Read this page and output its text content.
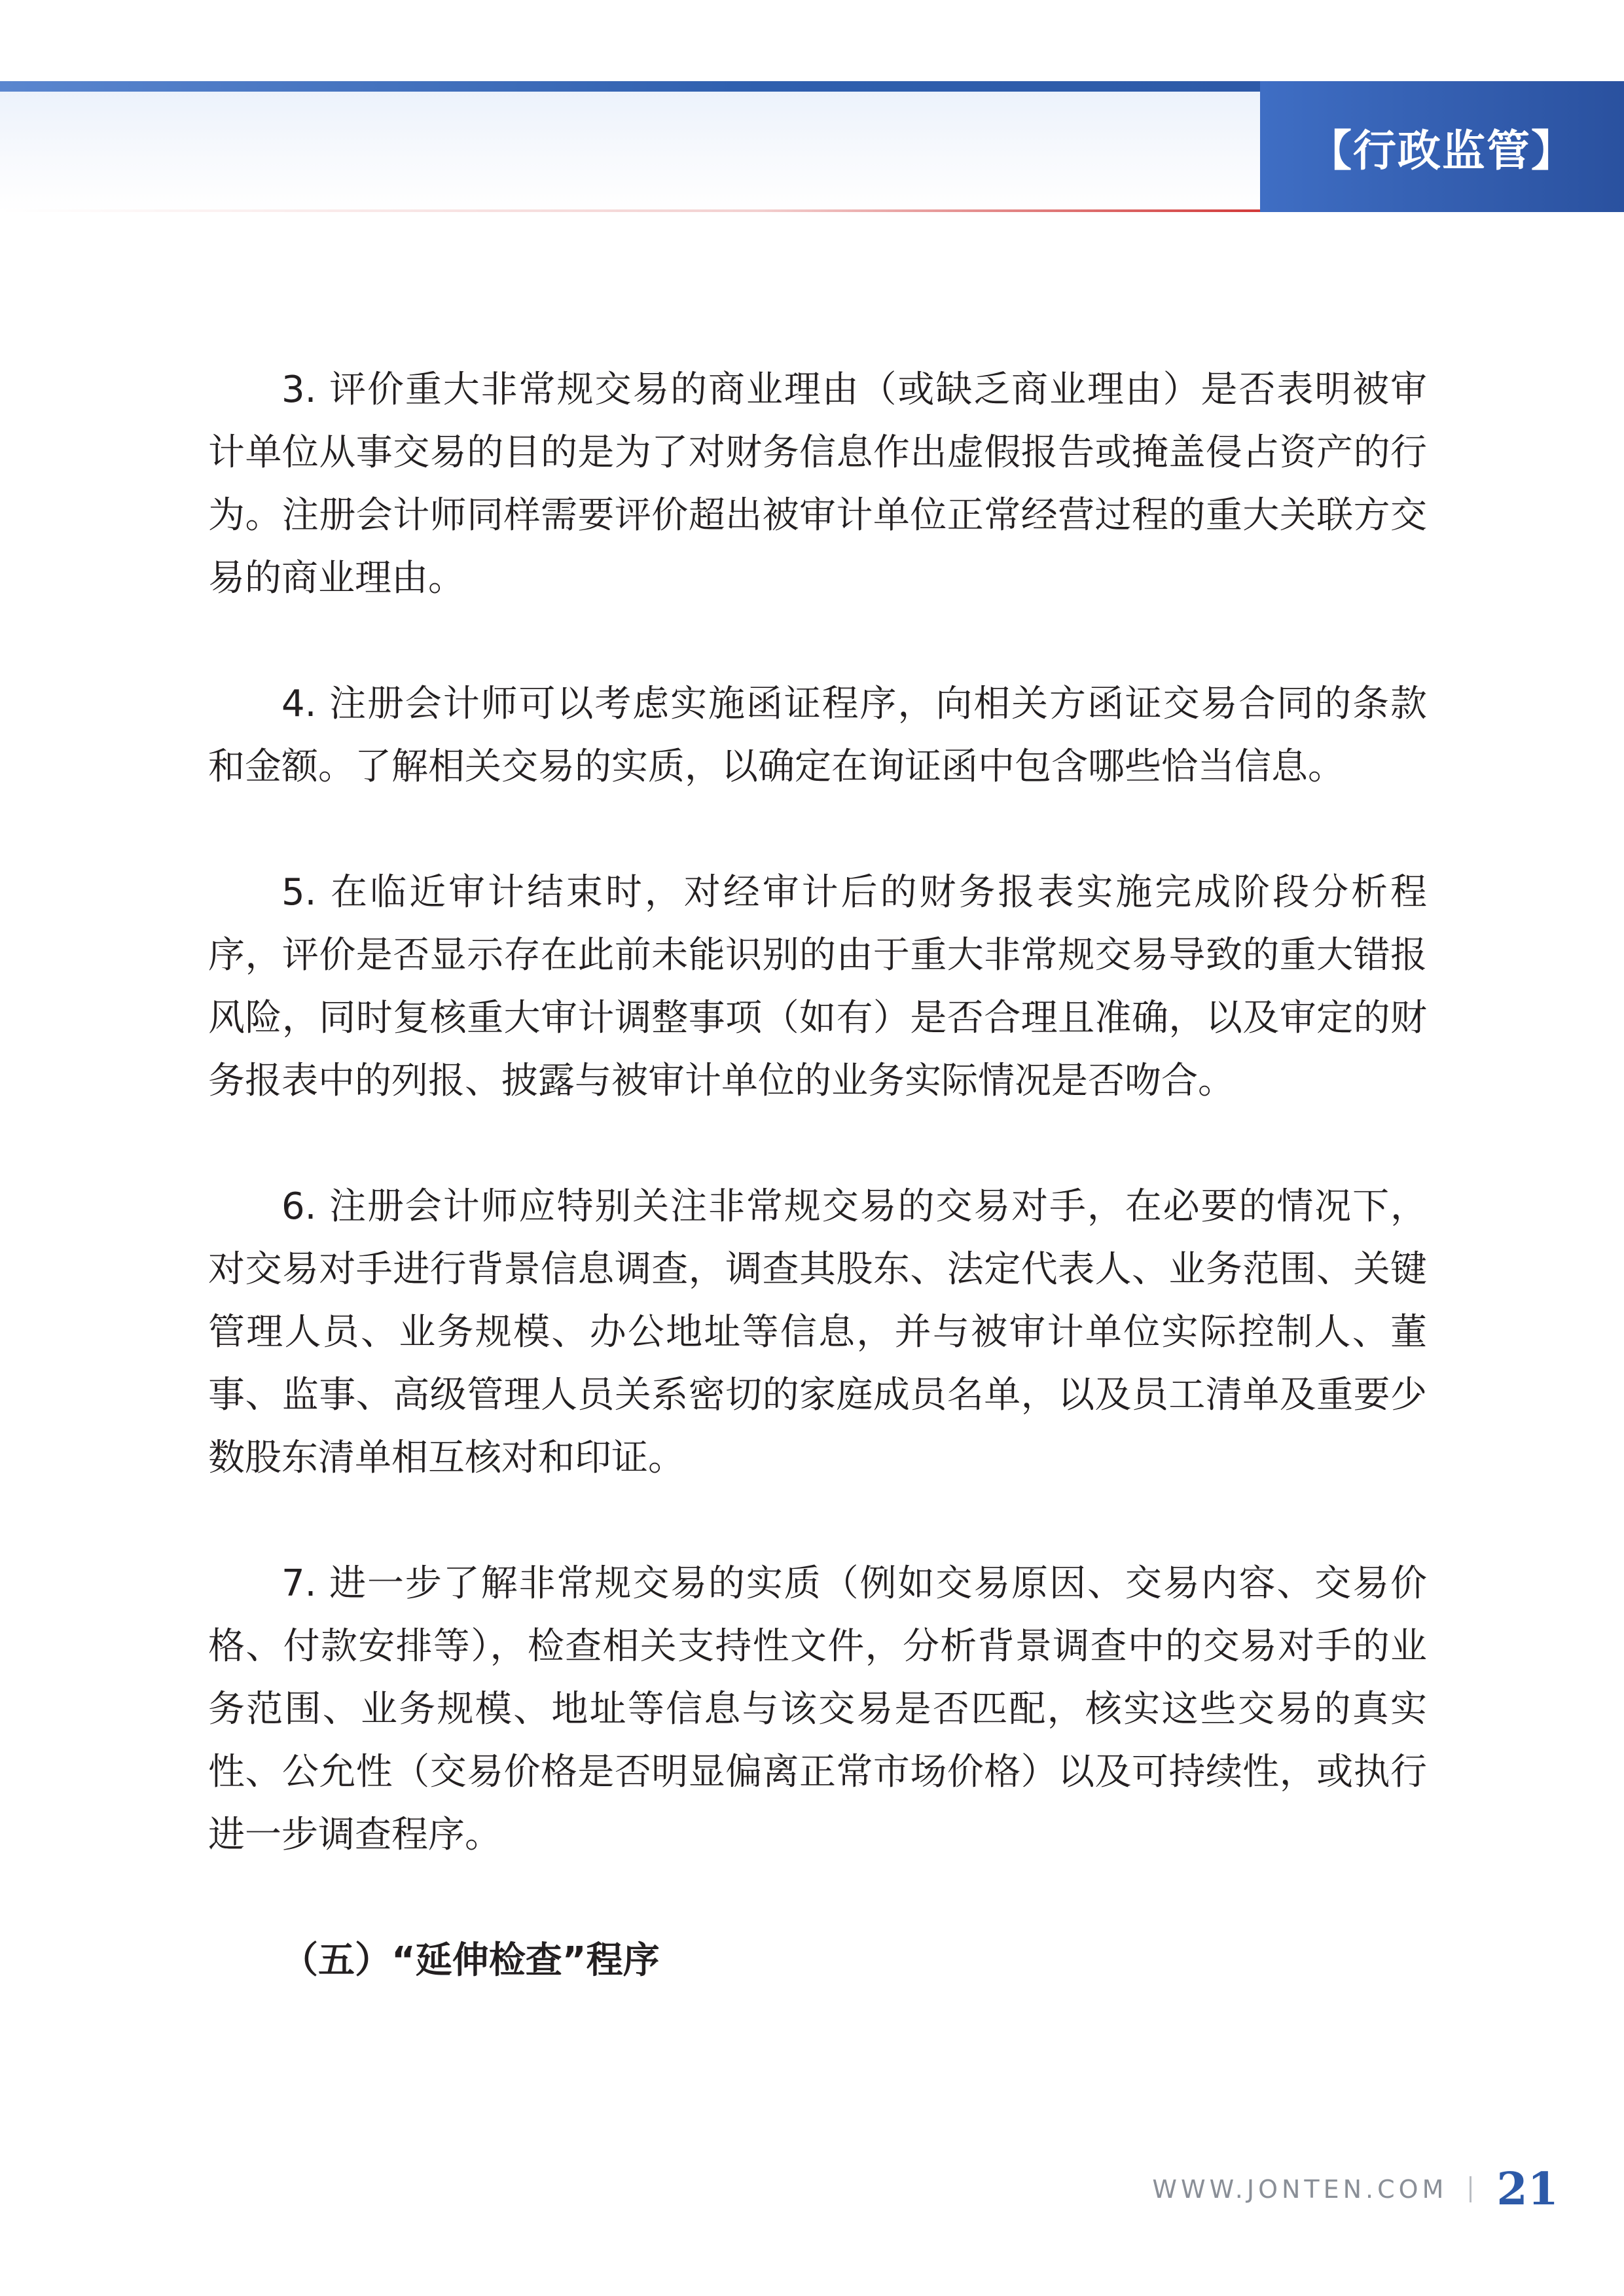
【行政监管】

3. 评价重大非常规交易的商业理由（或缺乏商业理由）是否表明被审计单位从事交易的目的是为了对财务信息作出虚假报告或掩盖侵占资产的行为。注册会计师同样需要评价超出被审计单位正常经营过程的重大关联方交易的商业理由。

4. 注册会计师可以考虑实施函证程序，向相关方函证交易合同的条款和金额。了解相关交易的实质，以确定在询证函中包含哪些恰当信息。

5. 在临近审计结束时，对经审计后的财务报表实施完成阶段分析程序，评价是否显示存在此前未能识别的由于重大非常规交易导致的重大错报风险，同时复核重大审计调整事项（如有）是否合理且准确，以及审定的财务报表中的列报、披露与被审计单位的业务实际情况是否吻合。

6. 注册会计师应特别关注非常规交易的交易对手，在必要的情况下，对交易对手进行背景信息调查，调查其股东、法定代表人、业务范围、关键管理人员、业务规模、办公地址等信息，并与被审计单位实际控制人、董事、监事、高级管理人员关系密切的家庭成员名单，以及员工清单及重要少数股东清单相互核对和印证。

7. 进一步了解非常规交易的实质（例如交易原因、交易内容、交易价格、付款安排等），检查相关支持性文件，分析背景调查中的交易对手的业务范围、业务规模、地址等信息与该交易是否匹配，核实这些交易的真实性、公允性（交易价格是否明显偏离正常市场价格）以及可持续性，或执行进一步调查程序。

（五）“延伸检查”程序
WWW.JONTEN.COM 21
